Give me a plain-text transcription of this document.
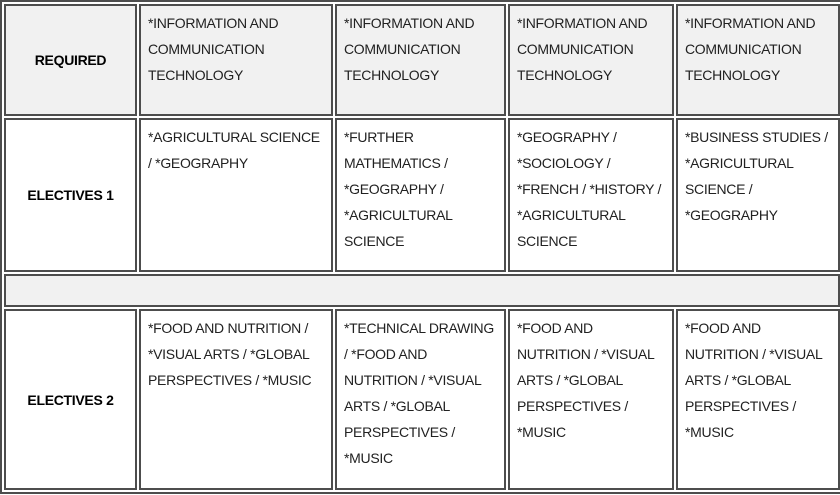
REQUIRED	*INFORMATION AND COMMUNICATION TECHNOLOGY	*INFORMATION AND COMMUNICATION TECHNOLOGY	*INFORMATION AND COMMUNICATION TECHNOLOGY	*INFORMATION AND COMMUNICATION TECHNOLOGY
ELECTIVES 1	*AGRICULTURAL SCIENCE / *GEOGRAPHY	*FURTHER MATHEMATICS / *GEOGRAPHY / *AGRICULTURAL SCIENCE	*GEOGRAPHY / *SOCIOLOGY / *FRENCH / *HISTORY / *AGRICULTURAL SCIENCE	*BUSINESS STUDIES / *AGRICULTURAL SCIENCE / *GEOGRAPHY

ELECTIVES 2	*FOOD AND NUTRITION / *VISUAL ARTS / *GLOBAL PERSPECTIVES / *MUSIC	*TECHNICAL DRAWING / *FOOD AND NUTRITION / *VISUAL ARTS / *GLOBAL PERSPECTIVES / *MUSIC	*FOOD AND NUTRITION / *VISUAL ARTS / *GLOBAL PERSPECTIVES / *MUSIC	*FOOD AND NUTRITION / *VISUAL ARTS / *GLOBAL PERSPECTIVES / *MUSIC
